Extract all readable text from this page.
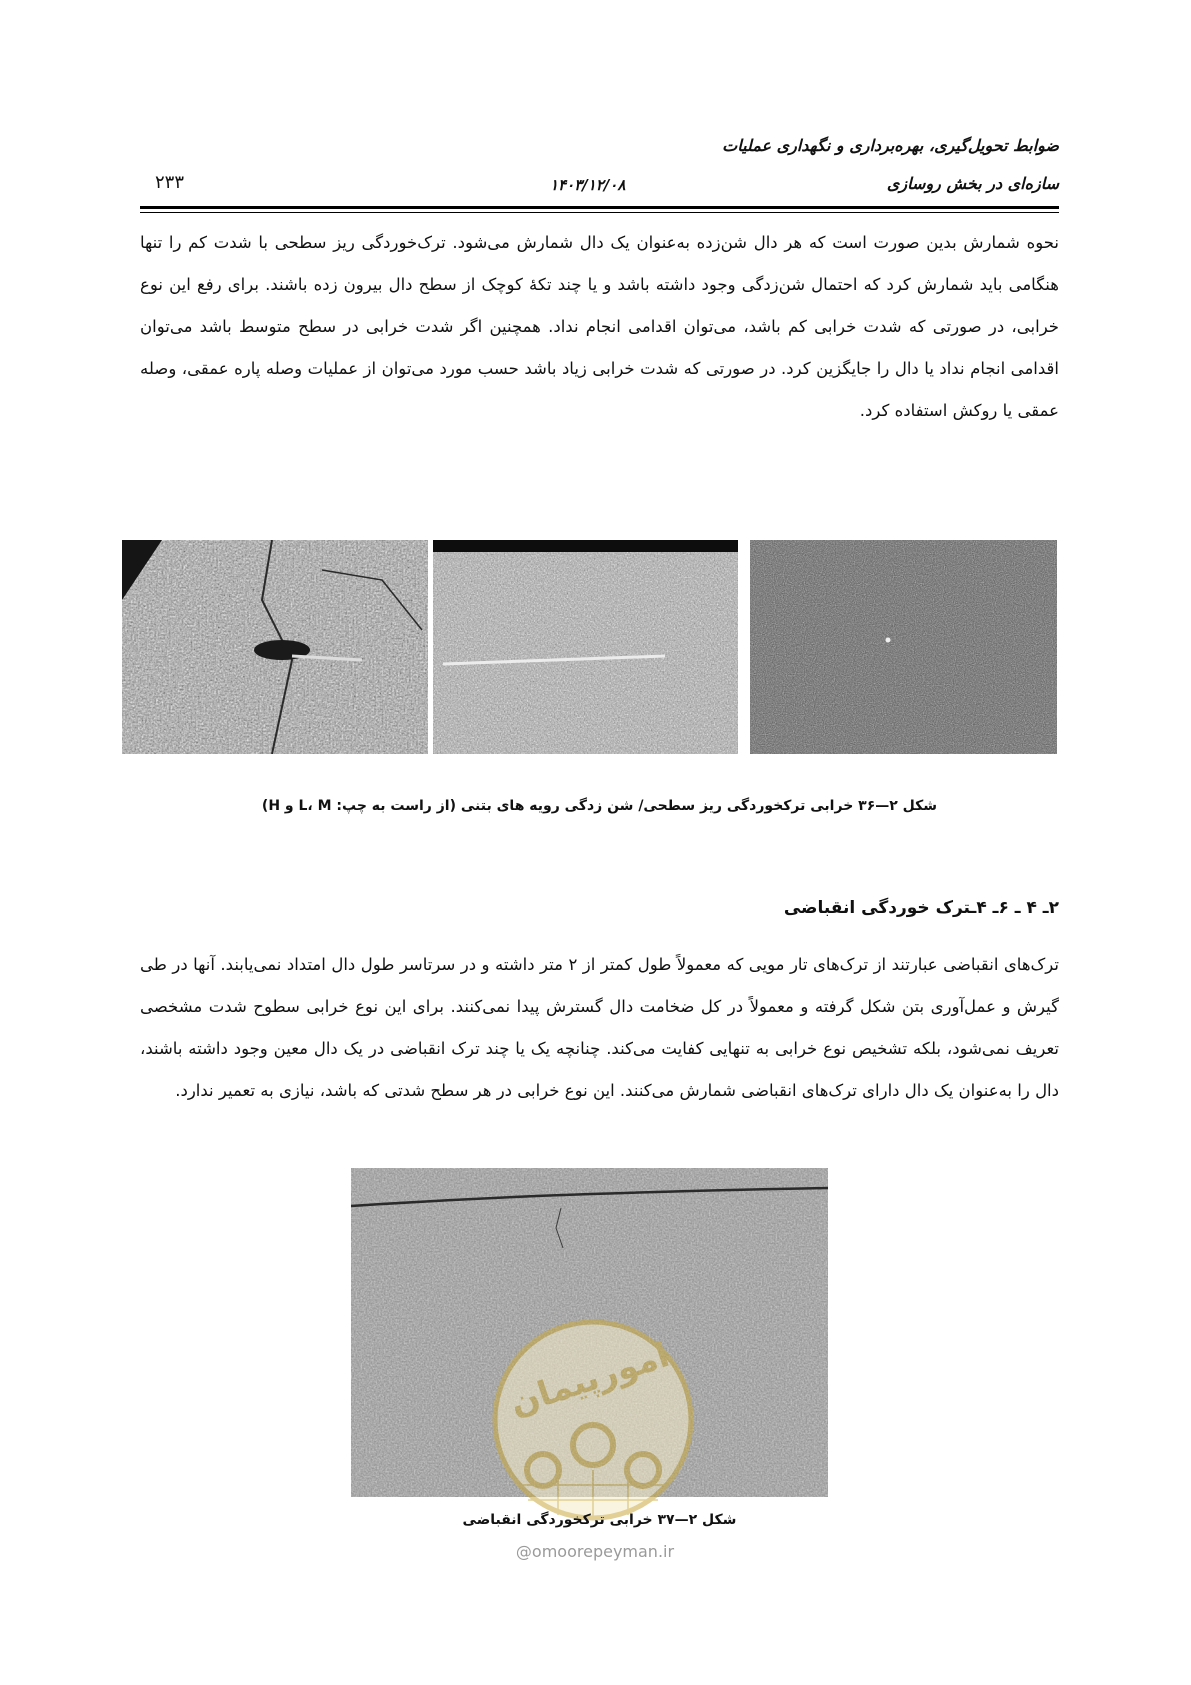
ضوابط تحویل‌گیری، بهره‌برداری و نگهداری عملیات
سازه‌ای در بخش روسازی
۱۴۰۳/۱۲/۰۸
۲۳۳

نحوه شمارش بدین صورت است که هر دال شن‌زده به‌عنوان یک دال شمارش می‌شود. ترک‌خوردگی ریز سطحی با شدت کم را تنها هنگامی باید شمارش کرد که احتمال شن‌زدگی وجود داشته باشد و یا چند تکهٔ کوچک از سطح دال بیرون زده باشند. برای رفع این نوع خرابی، در صورتی که شدت خرابی کم باشد، می‌توان اقدامی انجام نداد. همچنین اگر شدت خرابی در سطح متوسط باشد می‌توان اقدامی انجام نداد یا دال را جایگزین کرد. در صورتی که شدت خرابی زیاد باشد حسب مورد می‌توان از عملیات وصله پاره عمقی، وصله عمقی یا روکش استفاده کرد.

شکل ۲—۳۶ خرابی ترکخوردگی ریز سطحی/ شن زدگی رویه های بتنی (از راست به چپ: L، M و H)
۲ـ ۴ ـ ۶ـ ۴ـترک خوردگی انقباضی

ترک‌های انقباضی عبارتند از ترک‌های تار مویی که معمولاً طول کمتر از ۲ متر داشته و در سرتاسر طول دال امتداد نمی‌یابند. آنها در طی گیرش و عمل‌آوری بتن شکل گرفته و معمولاً در کل ضخامت دال گسترش پیدا نمی‌کنند. برای این نوع خرابی سطوح شدت مشخصی تعریف نمی‌شود، بلکه تشخیص نوع خرابی به تنهایی کفایت می‌کند. چنانچه یک یا چند ترک انقباضی در یک دال معین وجود داشته باشند، دال را به‌عنوان یک دال دارای ترک‌های انقباضی شمارش می‌کنند. این نوع خرابی در هر سطح شدتی که باشد، نیازی به تعمیر ندارد.

امورپیمان
شکل ۲—۳۷ خرابی ترکخوردگی انقباضی
@omoorepeyman.ir
